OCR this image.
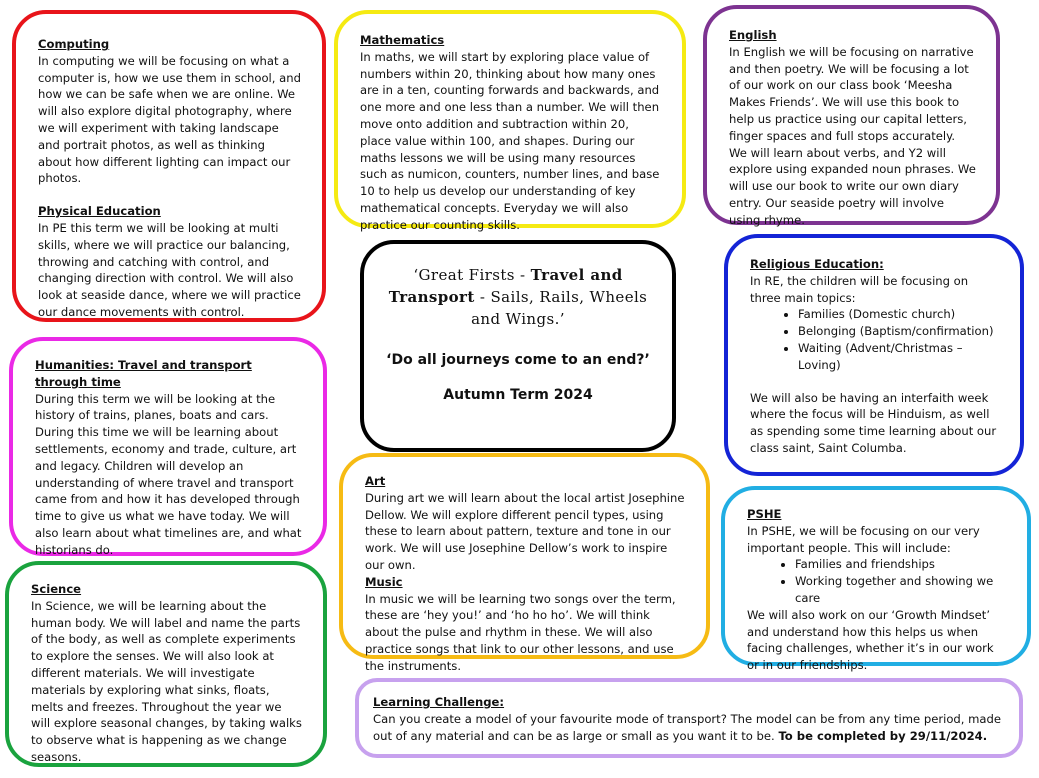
Computing

In computing we will be focusing on what a computer is, how we use them in school, and how we can be safe when we are online. We will also explore digital photography, where we will experiment with taking landscape and portrait photos, as well as thinking about how different lighting can impact our photos.

Physical Education

In PE this term we will be looking at multi skills, where we will practice our balancing, throwing and catching with control, and changing direction with control. We will also look at seaside dance, where we will practice our dance movements with control.

Mathematics

In maths, we will start by exploring place value of numbers within 20, thinking about how many ones are in a ten, counting forwards and backwards, and one more and one less than a number. We will then move onto addition and subtraction within 20, place value within 100, and shapes. During our maths lessons we will be using many resources such as numicon, counters, number lines, and base 10 to help us develop our understanding of key mathematical concepts. Everyday we will also practice our counting skills.

English

In English we will be focusing on narrative and then poetry. We will be focusing a lot of our work on our class book ‘Meesha Makes Friends’. We will use this book to help us practice using our capital letters, finger spaces and full stops accurately. We will learn about verbs, and Y2 will explore using expanded noun phrases. We will use our book to write our own diary entry. Our seaside poetry will involve using rhyme.

Humanities: Travel and transport through time

During this term we will be looking at the history of trains, planes, boats and cars. During this time we will be learning about settlements, economy and trade, culture, art and legacy. Children will develop an understanding of where travel and transport came from and how it has developed through time to give us what we have today. We will also learn about what timelines are, and what historians do.

‘Great Firsts - Travel and Transport - Sails, Rails, Wheels and Wings.’

‘Do all journeys come to an end?’

Autumn Term 2024

Religious Education:

In RE, the children will be focusing on three main topics:

• Families (Domestic church)
• Belonging (Baptism/confirmation)
• Waiting (Advent/Christmas – Loving)

We will also be having an interfaith week where the focus will be Hinduism, as well as spending some time learning about our class saint, Saint Columba.

Science

In Science, we will be learning about the human body. We will label and name the parts of the body, as well as complete experiments to explore the senses. We will also look at different materials. We will investigate materials by exploring what sinks, floats, melts and freezes. Throughout the year we will explore seasonal changes, by taking walks to observe what is happening as we change seasons.

Art

During art we will learn about the local artist Josephine Dellow. We will explore different pencil types, using these to learn about pattern, texture and tone in our work. We will use Josephine Dellow’s work to inspire our own.

Music

In music we will be learning two songs over the term, these are ‘hey you!’ and ‘ho ho ho’. We will think about the pulse and rhythm in these. We will also practice songs that link to our other lessons, and use the instruments.

PSHE

In PSHE, we will be focusing on our very important people. This will include:

• Families and friendships
• Working together and showing we care

We will also work on our ‘Growth Mindset’ and understand how this helps us when facing challenges, whether it’s in our work or in our friendships.

Learning Challenge:

Can you create a model of your favourite mode of transport? The model can be from any time period, made out of any material and can be as large or small as you want it to be. To be completed by 29/11/2024.
